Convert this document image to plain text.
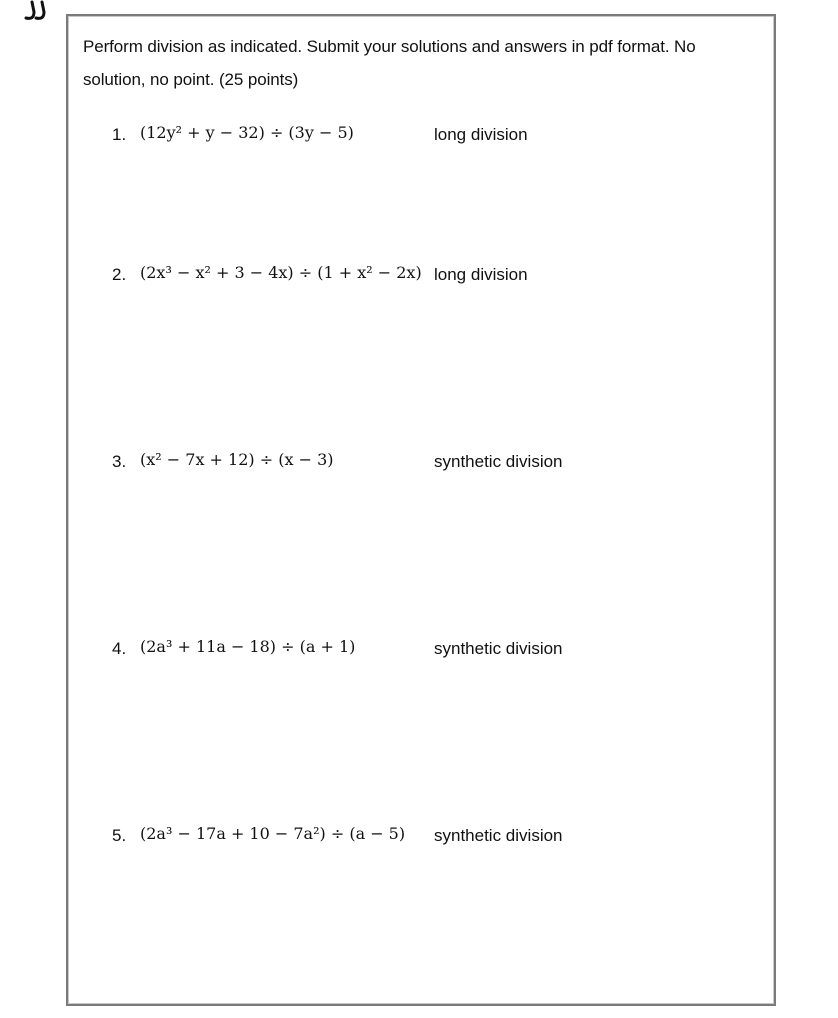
Perform division as indicated. Submit your solutions and answers in pdf format. No solution, no point. (25 points)
1. (12y² + y − 32) ÷ (3y − 5)	long division
2. (2x³ − x² + 3 − 4x) ÷ (1 + x² − 2x) long division
3. (x² − 7x + 12) ÷ (x − 3)	synthetic division
4. (2a³ + 11a − 18) ÷ (a + 1)	synthetic division
5. (2a³ − 17a + 10 − 7a²) ÷ (a − 5) synthetic division
